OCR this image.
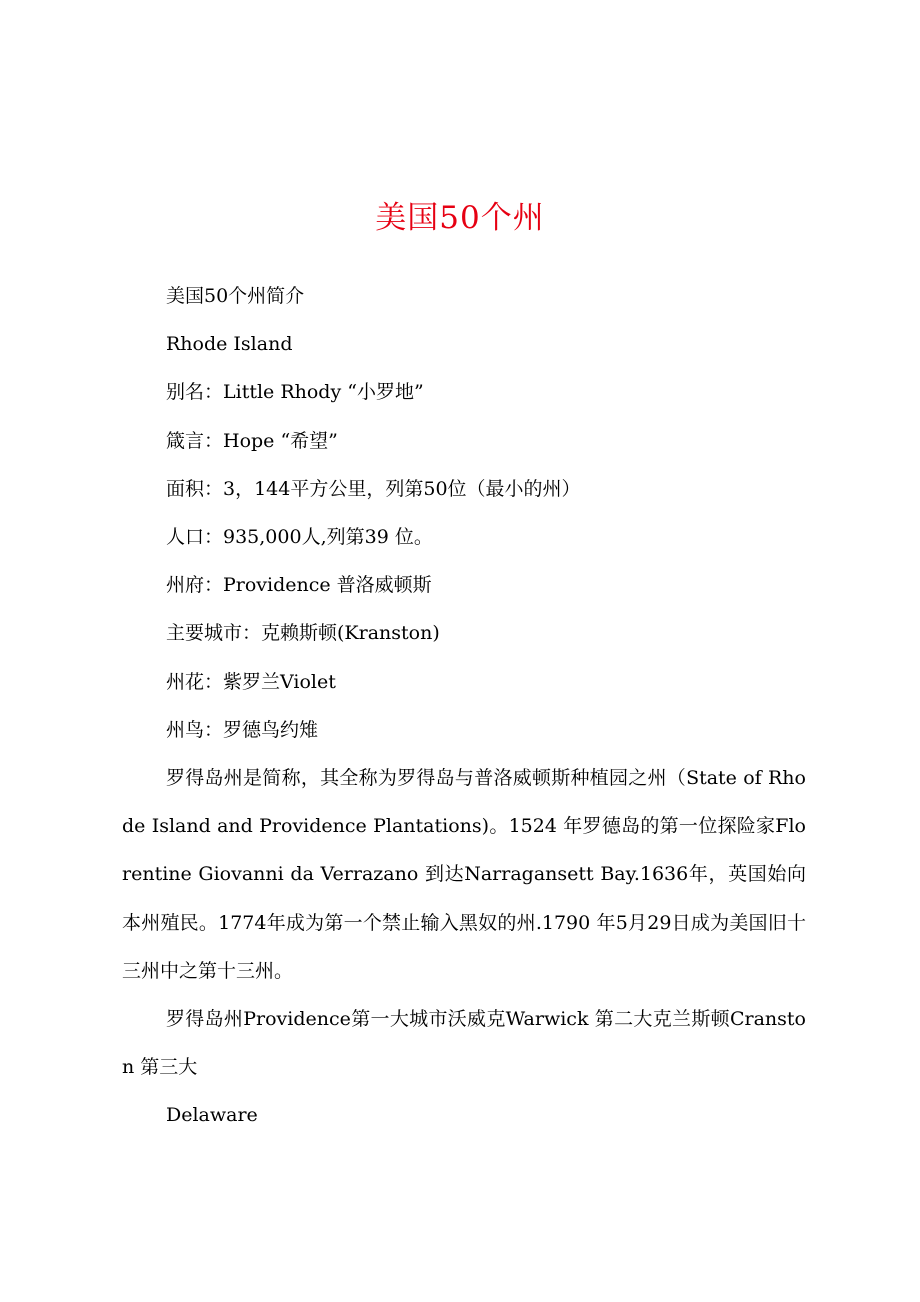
美国50个州

美国50个州简介

Rhode Island

别名：Little Rhody “小罗地”

箴言：Hope “希望”

面积：3，144平方公里，列第50位（最小的州）

人口：935,000人,列第39 位。

州府：Providence 普洛威顿斯

主要城市：克赖斯顿(Kranston)

州花：紫罗兰Violet

州鸟：罗德鸟约雉

罗得岛州是简称，其全称为罗得岛与普洛威顿斯种植园之州（State of Rhode Island and Providence Plantations)。1524 年罗德岛的第一位探险家Florentine Giovanni da Verrazano 到达Narragansett Bay.1636年，英国始向本州殖民。1774年成为第一个禁止输入黑奴的州.1790 年5月29日成为美国旧十三州中之第十三州。

罗得岛州Providence第一大城市沃威克Warwick 第二大克兰斯顿Cranston 第三大

Delaware
